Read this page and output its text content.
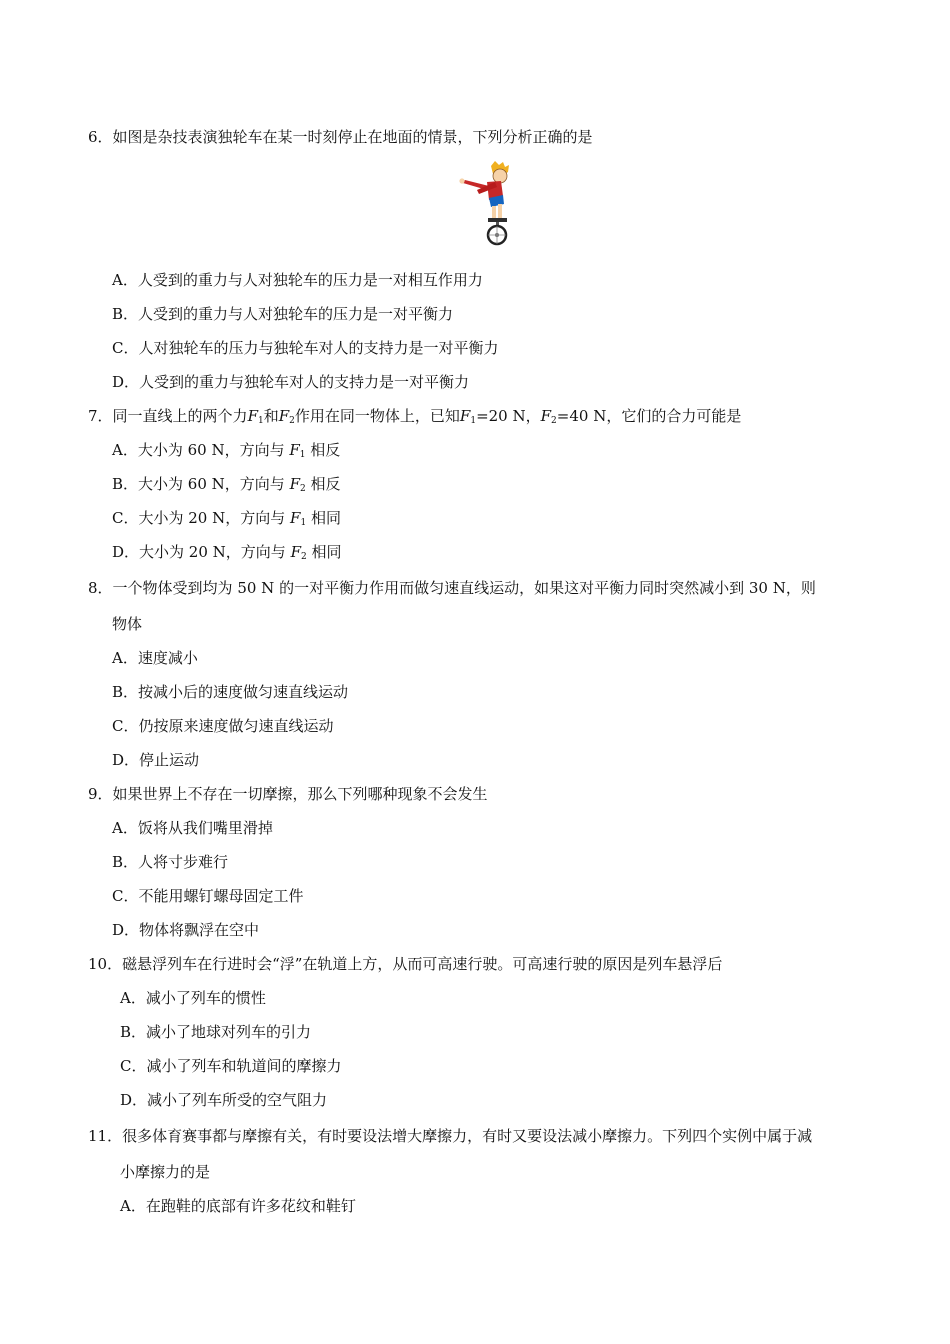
6．如图是杂技表演独轮车在某一时刻停止在地面的情景，下列分析正确的是
A．人受到的重力与人对独轮车的压力是一对相互作用力
B．人受到的重力与人对独轮车的压力是一对平衡力
C．人对独轮车的压力与独轮车对人的支持力是一对平衡力
D．人受到的重力与独轮车对人的支持力是一对平衡力
7．同一直线上的两个力$F_1$和$F_2$作用在同一物体上，已知$F_1=20$ N，$F_2=40$ N，它们的合力可能是
A．大小为 60 N，方向与 $F_1$ 相反
B．大小为 60 N，方向与 $F_2$ 相反
C．大小为 20 N，方向与 $F_1$ 相同
D．大小为 20 N，方向与 $F_2$ 相同
8．一个物体受到均为 50 N 的一对平衡力作用而做匀速直线运动，如果这对平衡力同时突然减小到 30 N，则
物体
A．速度减小
B．按减小后的速度做匀速直线运动
C．仍按原来速度做匀速直线运动
D．停止运动
9．如果世界上不存在一切摩擦，那么下列哪种现象不会发生
A．饭将从我们嘴里滑掉
B．人将寸步难行
C．不能用螺钉螺母固定工件
D．物体将飘浮在空中
10．磁悬浮列车在行进时会“浮”在轨道上方，从而可高速行驶。可高速行驶的原因是列车悬浮后
A．减小了列车的惯性
B．减小了地球对列车的引力
C．减小了列车和轨道间的摩擦力
D．减小了列车所受的空气阻力
11．很多体育赛事都与摩擦有关，有时要设法增大摩擦力，有时又要设法减小摩擦力。下列四个实例中属于减
小摩擦力的是
A．在跑鞋的底部有许多花纹和鞋钉
